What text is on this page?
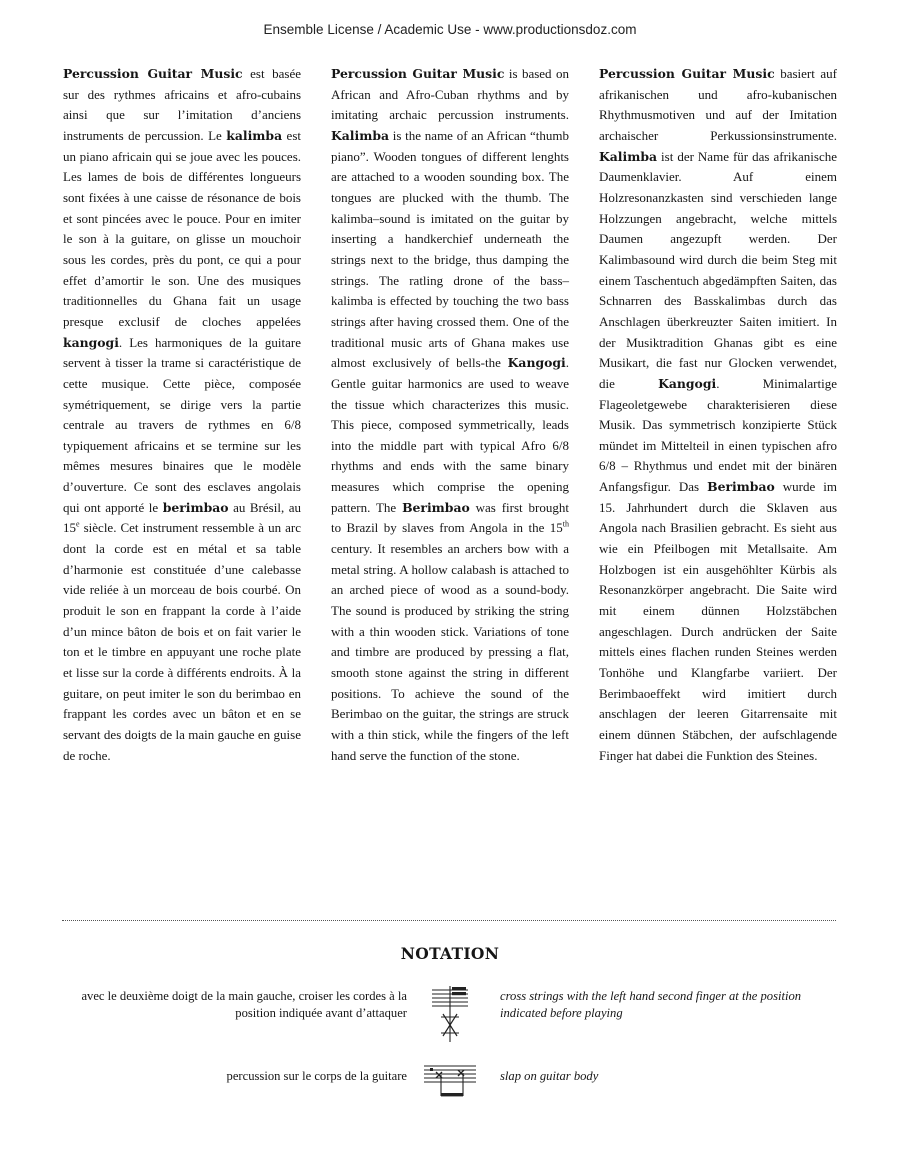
Ensemble License / Academic Use - www.productionsdoz.com

Percussion Guitar Music est basée sur des rythmes africains et afro-cubains ainsi que sur l’imitation d’anciens instruments de percussion. Le kalimba est un piano africain qui se joue avec les pouces. Les lames de bois de différentes longueurs sont fixées à une caisse de résonance de bois et sont pincées avec le pouce. Pour en imiter le son à la guitare, on glisse un mouchoir sous les cordes, près du pont, ce qui a pour effet d’amortir le son. Une des musiques traditionnelles du Ghana fait un usage presque exclusif de cloches appelées kangogi. Les harmoniques de la guitare servent à tisser la trame si caractéristique de cette musique. Cette pièce, composée symétriquement, se dirige vers la partie centrale au travers de rythmes en 6/8 typiquement africains et se termine sur les mêmes mesures binaires que le modèle d’ouverture. Ce sont des esclaves angolais qui ont apporté le berimbao au Brésil, au 15e siècle. Cet instrument ressemble à un arc dont la corde est en métal et sa table d’harmonie est constituée d’une calebasse vide reliée à un morceau de bois courbé. On produit le son en frappant la corde à l’aide d’un mince bâton de bois et on fait varier le ton et le timbre en appuyant une roche plate et lisse sur la corde à différents endroits. À la guitare, on peut imiter le son du berimbao en frappant les cordes avec un bâton et en se servant des doigts de la main gauche en guise de roche.

Percussion Guitar Music is based on African and Afro-Cuban rhythms and by imitating archaic percussion instruments. Kalimba is the name of an African “thumb piano”. Wooden tongues of different lenghts are attached to a wooden sounding box. The tongues are plucked with the thumb. The kalimba–sound is imitated on the guitar by inserting a handkerchief underneath the strings next to the bridge, thus damping the strings. The ratling drone of the bass–kalimba is effected by touching the two bass strings after having crossed them. One of the traditional music arts of Ghana makes use almost exclusively of bells-the Kangogi. Gentle guitar harmonics are used to weave the tissue which characterizes this music. This piece, composed symmetrically, leads into the middle part with typical Afro 6/8 rhythms and ends with the same binary measures which comprise the opening pattern. The Berimbao was first brought to Brazil by slaves from Angola in the 15th century. It resembles an archers bow with a metal string. A hollow calabash is attached to an arched piece of wood as a sound-body. The sound is produced by striking the string with a thin wooden stick. Variations of tone and timbre are produced by pressing a flat, smooth stone against the string in different positions. To achieve the sound of the Berimbao on the guitar, the strings are struck with a thin stick, while the fingers of the left hand serve the function of the stone.

Percussion Guitar Music basiert auf afrikanischen und afro-kubanischen Rhythmusmotiven und auf der Imitation archaischer Perkussionsinstrumente. Kalimba ist der Name für das afrikanische Daumenklavier. Auf einem Holzresonanzkasten sind verschieden lange Holzzungen angebracht, welche mittels Daumen angezupft werden. Der Kalimbasound wird durch die beim Steg mit einem Taschentuch abgedämpften Saiten, das Schnarren des Basskalimbas durch das Anschlagen überkreuzter Saiten imitiert. In der Musiktradition Ghanas gibt es eine Musikart, die fast nur Glocken verwendet, die Kangogi. Minimalartige Flageoletgewebe charakterisieren diese Musik. Das symmetrisch konzipierte Stück mündet im Mittelteil in einen typischen afro 6/8 – Rhythmus und endet mit der binären Anfangsfigur. Das Berimbao wurde im 15. Jahrhundert durch die Sklaven aus Angola nach Brasilien gebracht. Es sieht aus wie ein Pfeilbogen mit Metallsaite. Am Holzbogen ist ein ausgehöhlter Kürbis als Resonanzkörper angebracht. Die Saite wird mit einem dünnen Holzstäbchen angeschlagen. Durch andrücken der Saite mittels eines flachen runden Steines werden Tonhöhe und Klangfarbe variiert. Der Berimbaoeffekt wird imitiert durch anschlagen der leeren Gitarrensaite mit einem dünnen Stäbchen, der aufschlagende Finger hat dabei die Funktion des Steines.

NOTATION
avec le deuxième doigt de la main gauche, croiser les cordes à la position indiquée avant d’attaquer
cross strings with the left hand second finger at the position indicated before playing
percussion sur le corps de la guitare	slap on guitar body
